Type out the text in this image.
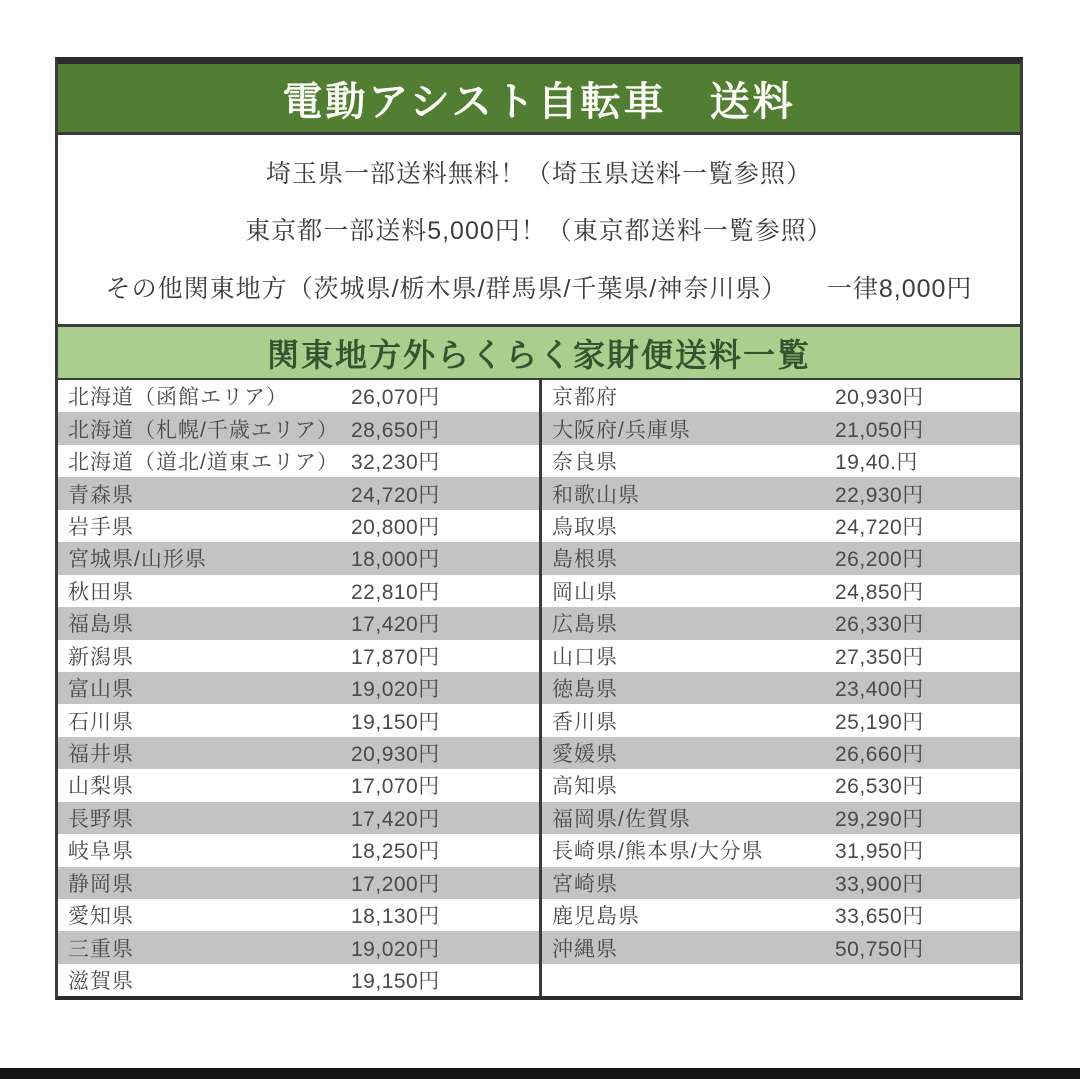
電動アシスト自転車　送料
埼玉県一部送料無料！（埼玉県送料一覧参照）
東京都一部送料5,000円！（東京都送料一覧参照）
その他関東地方（茨城県/栃木県/群馬県/千葉県/神奈川県）　　一律8,000円
関東地方外らくらく家財便送料一覧
北海道（函館エリア）	26,070円
北海道（札幌/千歳エリア） 28,650円
北海道（道北/道東エリア） 32,230円
青森県	24,720円
岩手県	20,800円
宮城県/山形県	18,000円
秋田県	22,810円
福島県	17,420円
新潟県	17,870円
富山県	19,020円
石川県	19,150円
福井県	20,930円
山梨県	17,070円
長野県	17,420円
岐阜県	18,250円
静岡県	17,200円
愛知県	18,130円
三重県	19,020円
滋賀県	19,150円
京都府	20,930円
大阪府/兵庫県	21,050円
奈良県	19,40.円
和歌山県	22,930円
鳥取県	24,720円
島根県	26,200円
岡山県	24,850円
広島県	26,330円
山口県	27,350円
徳島県	23,400円
香川県	25,190円
愛媛県	26,660円
高知県	26,530円
福岡県/佐賀県	29,290円
長崎県/熊本県/大分県	31,950円
宮崎県	33,900円
鹿児島県	33,650円
沖縄県	50,750円
